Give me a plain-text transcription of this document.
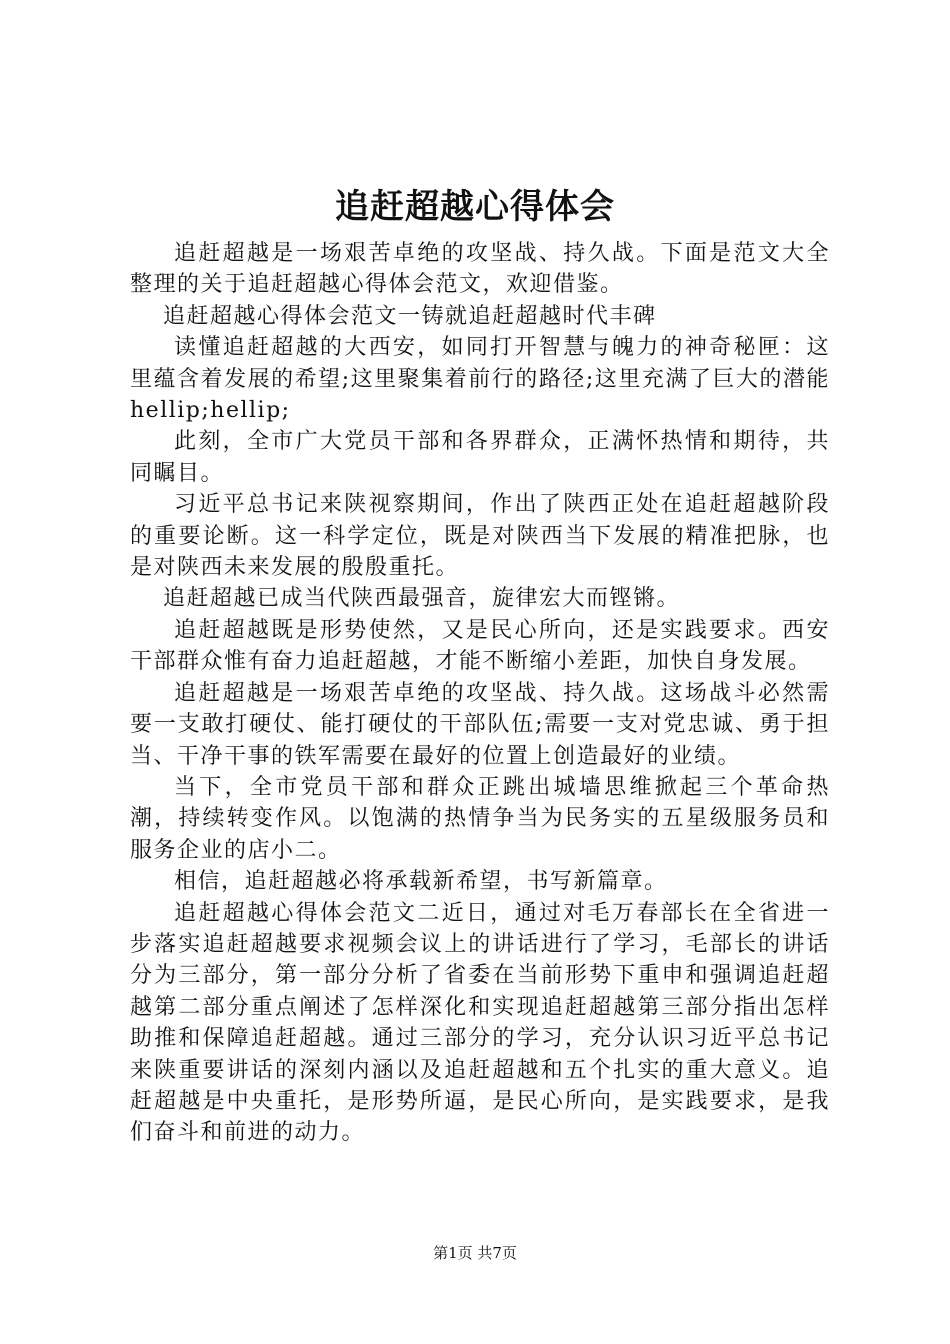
追赶超越心得体会

追赶超越是一场艰苦卓绝的攻坚战、持久战。下面是范文大全整理的关于追赶超越心得体会范文，欢迎借鉴。

追赶超越心得体会范文一铸就追赶超越时代丰碑

读懂追赶超越的大西安，如同打开智慧与魄力的神奇秘匣：这里蕴含着发展的希望;这里聚集着前行的路径;这里充满了巨大的潜能hellip;hellip;

此刻，全市广大党员干部和各界群众，正满怀热情和期待，共同瞩目。

习近平总书记来陕视察期间，作出了陕西正处在追赶超越阶段的重要论断。这一科学定位，既是对陕西当下发展的精准把脉，也是对陕西未来发展的殷殷重托。

追赶超越已成当代陕西最强音，旋律宏大而铿锵。

追赶超越既是形势使然，又是民心所向，还是实践要求。西安干部群众惟有奋力追赶超越，才能不断缩小差距，加快自身发展。

追赶超越是一场艰苦卓绝的攻坚战、持久战。这场战斗必然需要一支敢打硬仗、能打硬仗的干部队伍;需要一支对党忠诚、勇于担当、干净干事的铁军需要在最好的位置上创造最好的业绩。

当下，全市党员干部和群众正跳出城墙思维掀起三个革命热潮，持续转变作风。以饱满的热情争当为民务实的五星级服务员和服务企业的店小二。

相信，追赶超越必将承载新希望，书写新篇章。

追赶超越心得体会范文二近日，通过对毛万春部长在全省进一步落实追赶超越要求视频会议上的讲话进行了学习，毛部长的讲话分为三部分，第一部分分析了省委在当前形势下重申和强调追赶超越第二部分重点阐述了怎样深化和实现追赶超越第三部分指出怎样助推和保障追赶超越。通过三部分的学习，充分认识习近平总书记来陕重要讲话的深刻内涵以及追赶超越和五个扎实的重大意义。追赶超越是中央重托，是形势所逼，是民心所向，是实践要求，是我们奋斗和前进的动力。

第1页 共7页
